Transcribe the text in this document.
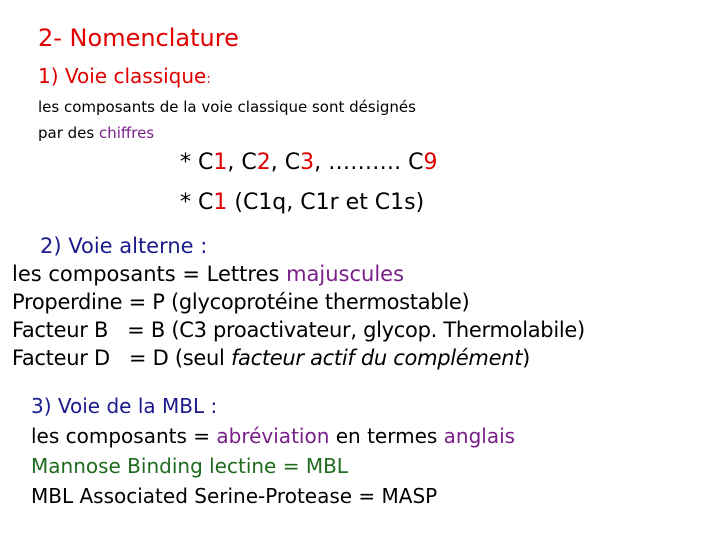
2- Nomenclature
1) Voie classique:
les composants de la voie classique sont désignés
par des chiffres
* C1, C2, C3, ………. C9
* C1 (C1q, C1r et C1s)
2) Voie alterne :
les composants = Lettres majuscules
Properdine = P (glycoprotéine thermostable)
Facteur B   = B (C3 proactivateur, glycop. Thermolabile)
Facteur D   = D (seul facteur actif du complément)
3) Voie de la MBL :
les composants = abréviation en termes anglais
Mannose Binding lectine = MBL
MBL Associated Serine-Protease = MASP
